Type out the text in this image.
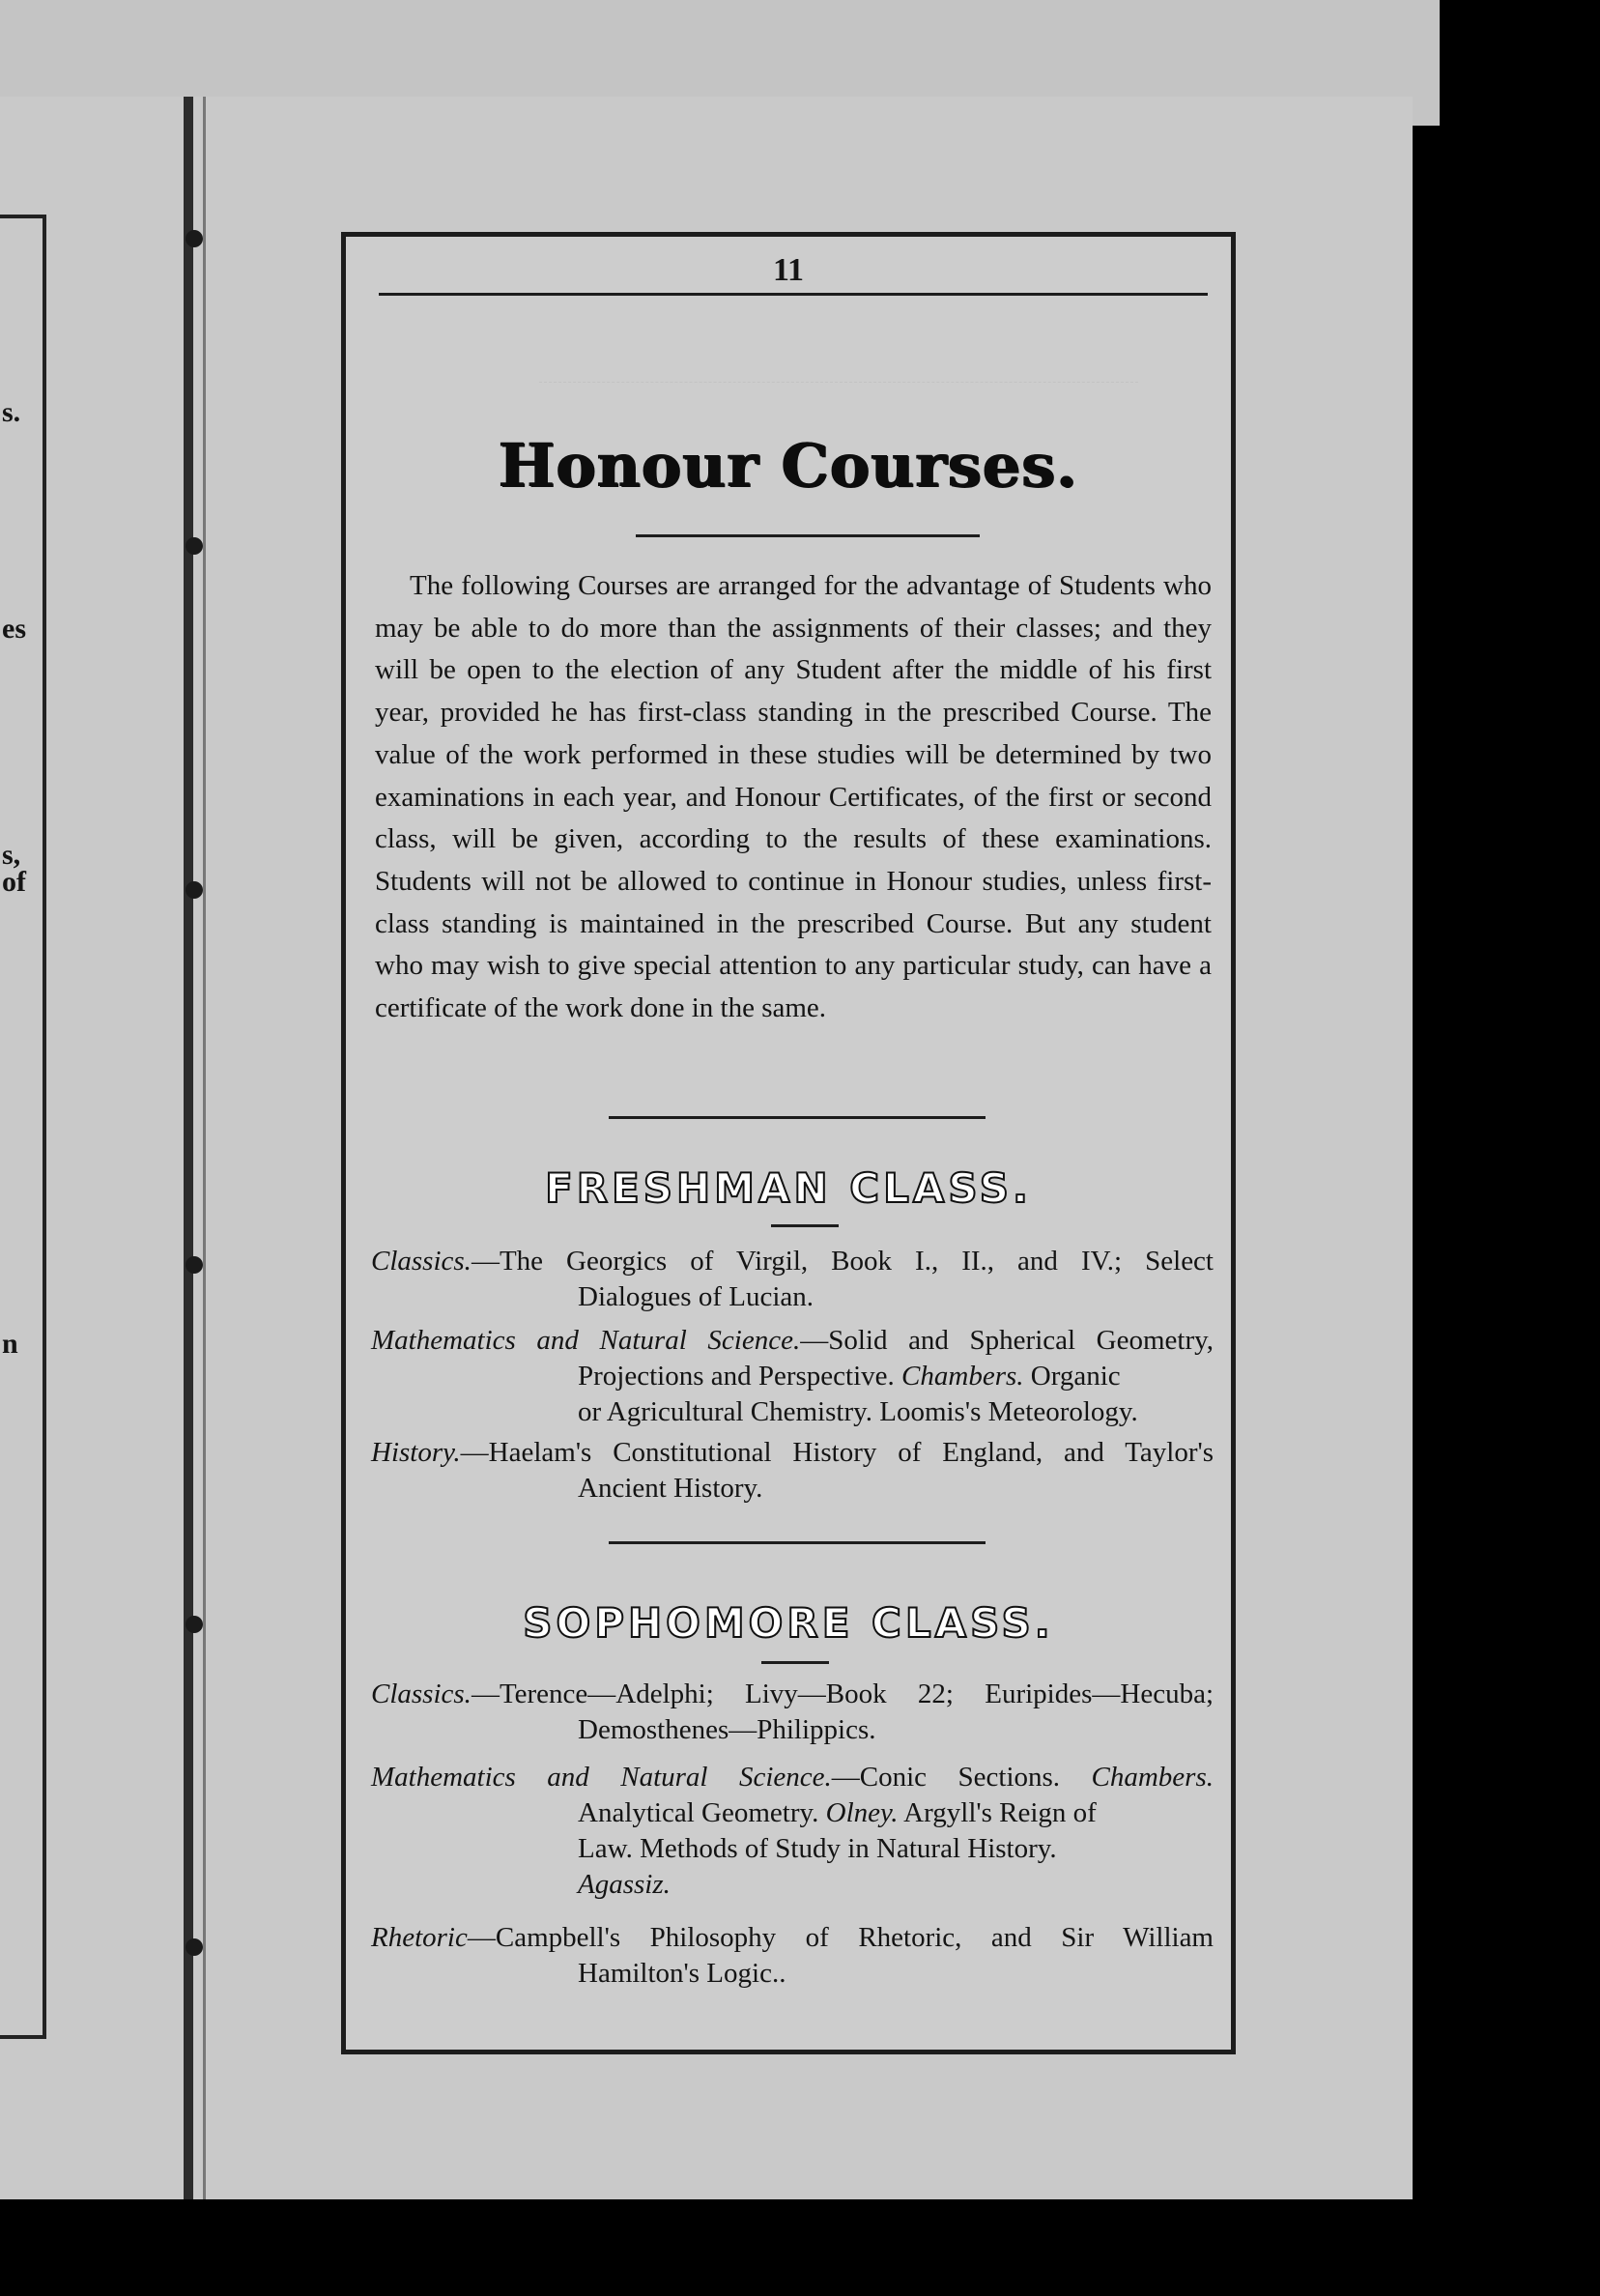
s.
es
s,
of
n
11
Honour Courses.

The following Courses are arranged for the advantage of Students who may be able to do more than the assignments of their classes; and they will be open to the election of any Student after the middle of his first year, provided he has first-class standing in the prescribed Course. The value of the work performed in these studies will be determined by two examinations in each year, and Honour Certificates, of the first or second class, will be given, according to the results of these examinations. Students will not be allowed to continue in Honour studies, unless first-class standing is maintained in the prescribed Course. But any student who may wish to give special attention to any particular study, can have a certificate of the work done in the same.

FRESHMAN CLASS.

Classics.—The Georgics of Virgil, Book I., II., and IV.; Select
Dialogues of Lucian.

Mathematics and Natural Science.—Solid and Spherical Geometry,
Projections and Perspective. Chambers. Organic
or Agricultural Chemistry. Loomis's Meteorology.

History.—Haelam's Constitutional History of England, and Taylor's
Ancient History.

SOPHOMORE CLASS.

Classics.—Terence—Adelphi; Livy—Book 22; Euripides—Hecuba;
Demosthenes—Philippics.

Mathematics and Natural Science.—Conic Sections. Chambers.
Analytical Geometry. Olney. Argyll's Reign of
Law. Methods of Study in Natural History.
Agassiz.

Rhetoric—Campbell's Philosophy of Rhetoric, and Sir William
Hamilton's Logic..
